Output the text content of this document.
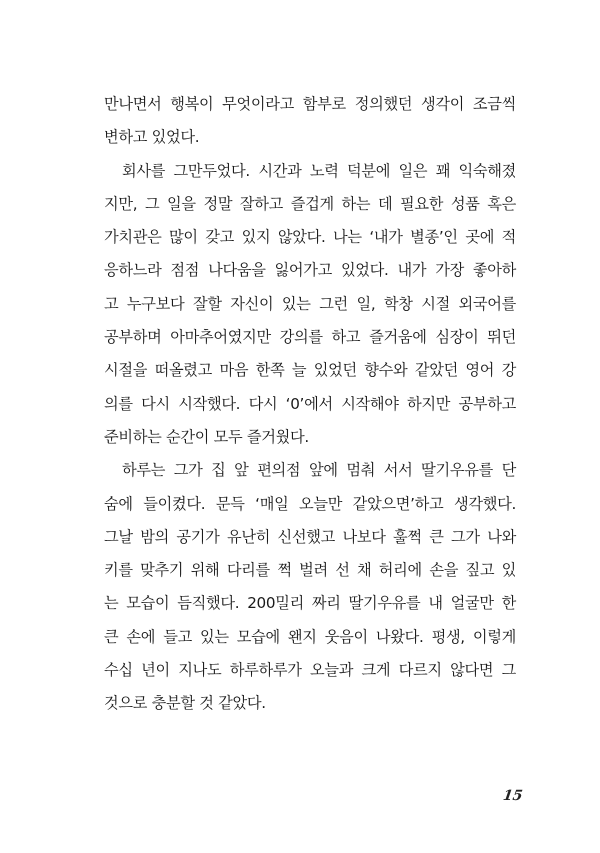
만나면서 행복이 무엇이라고 함부로 정의했던 생각이 조금씩
변하고 있었다.
회사를 그만두었다. 시간과 노력 덕분에 일은 꽤 익숙해졌
지만, 그 일을 정말 잘하고 즐겁게 하는 데 필요한 성품 혹은
가치관은 많이 갖고 있지 않았다. 나는 ‘내가 별종’인 곳에 적
응하느라 점점 나다움을 잃어가고 있었다. 내가 가장 좋아하
고 누구보다 잘할 자신이 있는 그런 일, 학창 시절 외국어를
공부하며 아마추어였지만 강의를 하고 즐거움에 심장이 뛰던
시절을 떠올렸고 마음 한쪽 늘 있었던 향수와 같았던 영어 강
의를 다시 시작했다. 다시 ‘0’에서 시작해야 하지만 공부하고
준비하는 순간이 모두 즐거웠다.
하루는 그가 집 앞 편의점 앞에 멈춰 서서 딸기우유를 단
숨에 들이켰다. 문득 ‘매일 오늘만 같았으면’하고 생각했다.
그날 밤의 공기가 유난히 신선했고 나보다 훌쩍 큰 그가 나와
키를 맞추기 위해 다리를 쩍 벌려 선 채 허리에 손을 짚고 있
는 모습이 듬직했다. 200밀리 짜리 딸기우유를 내 얼굴만 한
큰 손에 들고 있는 모습에 왠지 웃음이 나왔다. 평생, 이렇게
수십 년이 지나도 하루하루가 오늘과 크게 다르지 않다면 그
것으로 충분할 것 같았다.
15
